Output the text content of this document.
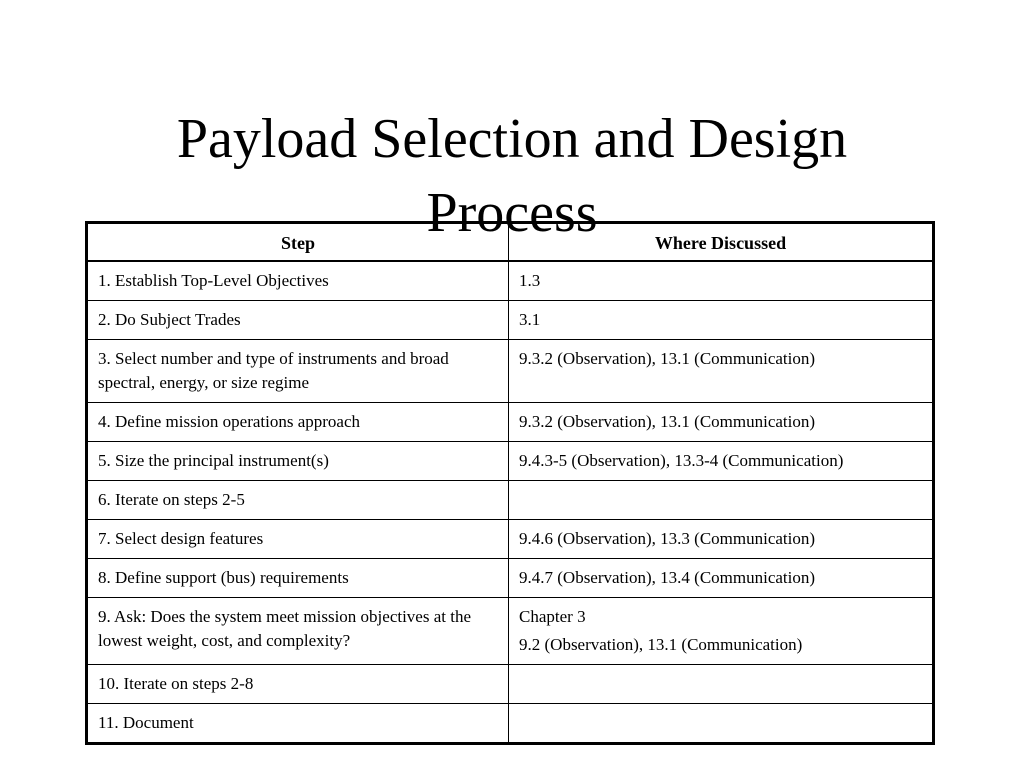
Payload Selection and Design
Process
Step	Where Discussed
1. Establish Top-Level Objectives	1.3

2. Do Subject Trades	3.1

3. Select number and type of instruments and broad spectral, energy, or size regime	9.3.2 (Observation), 13.1 (Communication)

4. Define mission operations approach	9.3.2 (Observation), 13.1 (Communication)

5. Size the principal instrument(s)	9.4.3-5 (Observation), 13.3-4 (Communication)

6. Iterate on steps 2-5	
7. Select design features	9.4.6 (Observation), 13.3 (Communication)

8. Define support (bus) requirements	9.4.7 (Observation), 13.4 (Communication)

9. Ask: Does the system meet mission objectives at the lowest weight, cost, and complexity?	Chapter 3
9.2 (Observation), 13.1 (Communication)

10. Iterate on steps 2-8	
11. Document	
